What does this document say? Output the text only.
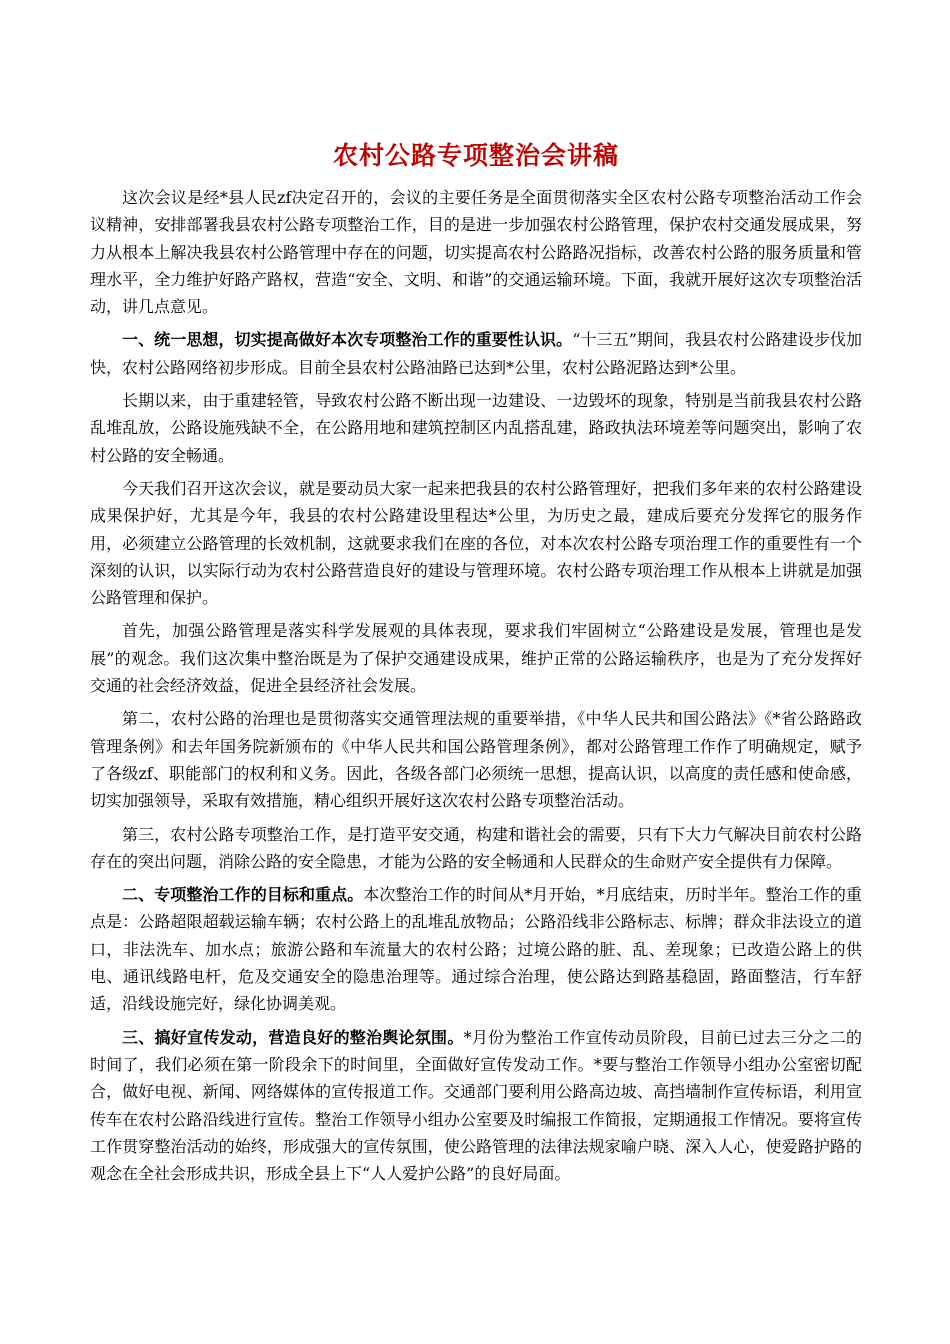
农村公路专项整治会讲稿

这次会议是经*县人民zf决定召开的，会议的主要任务是全面贯彻落实全区农村公路专项整治活动工作会议精神，安排部署我县农村公路专项整治工作，目的是进一步加强农村公路管理，保护农村交通发展成果，努力从根本上解决我县农村公路管理中存在的问题，切实提高农村公路路况指标，改善农村公路的服务质量和管理水平，全力维护好路产路权，营造“安全、文明、和谐”的交通运输环境。下面，我就开展好这次专项整治活动，讲几点意见。

一、统一思想，切实提高做好本次专项整治工作的重要性认识。“十三五”期间，我县农村公路建设步伐加快，农村公路网络初步形成。目前全县农村公路油路已达到*公里，农村公路泥路达到*公里。

长期以来，由于重建轻管，导致农村公路不断出现一边建设、一边毁坏的现象，特别是当前我县农村公路乱堆乱放，公路设施残缺不全，在公路用地和建筑控制区内乱搭乱建，路政执法环境差等问题突出，影响了农村公路的安全畅通。

今天我们召开这次会议，就是要动员大家一起来把我县的农村公路管理好，把我们多年来的农村公路建设成果保护好，尤其是今年，我县的农村公路建设里程达*公里，为历史之最，建成后要充分发挥它的服务作用，必须建立公路管理的长效机制，这就要求我们在座的各位，对本次农村公路专项治理工作的重要性有一个深刻的认识，以实际行动为农村公路营造良好的建设与管理环境。农村公路专项治理工作从根本上讲就是加强公路管理和保护。

首先，加强公路管理是落实科学发展观的具体表现，要求我们牢固树立“公路建设是发展，管理也是发展”的观念。我们这次集中整治既是为了保护交通建设成果，维护正常的公路运输秩序，也是为了充分发挥好交通的社会经济效益，促进全县经济社会发展。

第二，农村公路的治理也是贯彻落实交通管理法规的重要举措，《中华人民共和国公路法》《*省公路路政管理条例》和去年国务院新颁布的《中华人民共和国公路管理条例》，都对公路管理工作作了明确规定，赋予了各级zf、职能部门的权利和义务。因此，各级各部门必须统一思想，提高认识，以高度的责任感和使命感，切实加强领导，采取有效措施，精心组织开展好这次农村公路专项整治活动。

第三，农村公路专项整治工作，是打造平安交通，构建和谐社会的需要，只有下大力气解决目前农村公路存在的突出问题，消除公路的安全隐患，才能为公路的安全畅通和人民群众的生命财产安全提供有力保障。

二、专项整治工作的目标和重点。本次整治工作的时间从*月开始，*月底结束，历时半年。整治工作的重点是：公路超限超载运输车辆；农村公路上的乱堆乱放物品；公路沿线非公路标志、标牌；群众非法设立的道口，非法洗车、加水点；旅游公路和车流量大的农村公路；过境公路的脏、乱、差现象；已改造公路上的供电、通讯线路电杆，危及交通安全的隐患治理等。通过综合治理，使公路达到路基稳固，路面整洁，行车舒适，沿线设施完好，绿化协调美观。

三、搞好宣传发动，营造良好的整治舆论氛围。*月份为整治工作宣传动员阶段，目前已过去三分之二的时间了，我们必须在第一阶段余下的时间里，全面做好宣传发动工作。*要与整治工作领导小组办公室密切配合，做好电视、新闻、网络媒体的宣传报道工作。交通部门要利用公路高边坡、高挡墙制作宣传标语，利用宣传车在农村公路沿线进行宣传。整治工作领导小组办公室要及时编报工作简报，定期通报工作情况。要将宣传工作贯穿整治活动的始终，形成强大的宣传氛围，使公路管理的法律法规家喻户晓、深入人心，使爱路护路的观念在全社会形成共识，形成全县上下“人人爱护公路”的良好局面。
